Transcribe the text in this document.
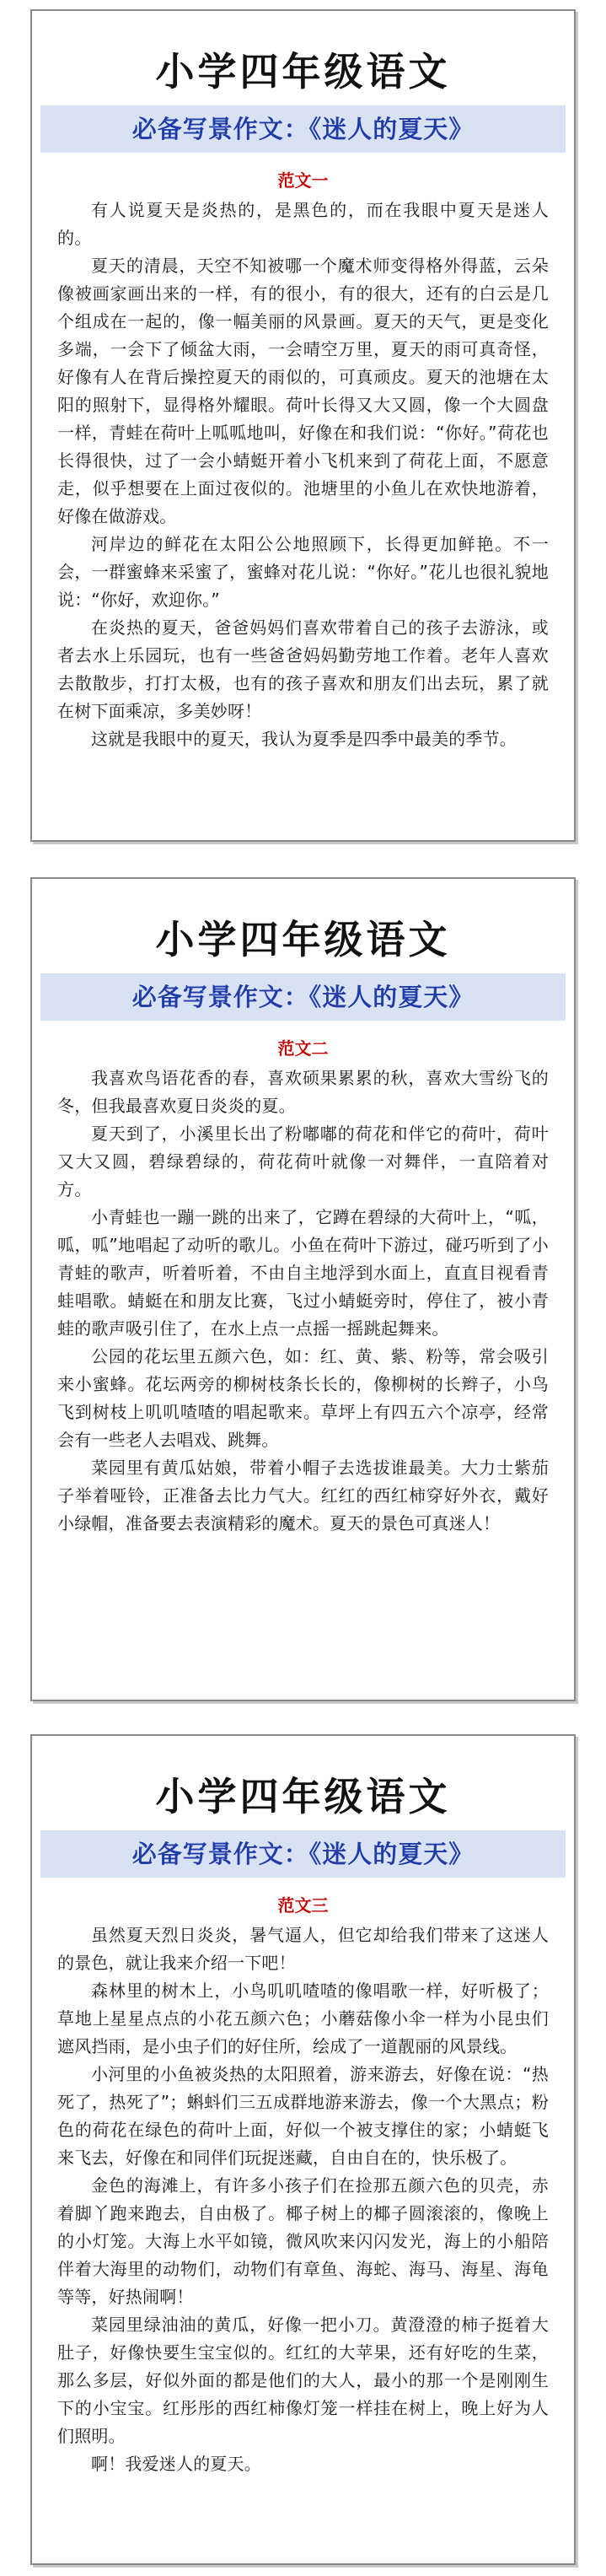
小学四年级语文
必备写景作文：《迷人的夏天》
范文一

有人说夏天是炎热的，是黑色的，而在我眼中夏天是迷人的。

夏天的清晨，天空不知被哪一个魔术师变得格外得蓝，云朵像被画家画出来的一样，有的很小，有的很大，还有的白云是几个组成在一起的，像一幅美丽的风景画。夏天的天气，更是变化多端，一会下了倾盆大雨，一会晴空万里，夏天的雨可真奇怪，好像有人在背后操控夏天的雨似的，可真顽皮。夏天的池塘在太阳的照射下，显得格外耀眼。荷叶长得又大又圆，像一个大圆盘一样，青蛙在荷叶上呱呱地叫，好像在和我们说：“你好。”荷花也长得很快，过了一会小蜻蜓开着小飞机来到了荷花上面，不愿意走，似乎想要在上面过夜似的。池塘里的小鱼儿在欢快地游着，好像在做游戏。

河岸边的鲜花在太阳公公地照顾下，长得更加鲜艳。不一会，一群蜜蜂来采蜜了，蜜蜂对花儿说：“你好。”花儿也很礼貌地说：“你好，欢迎你。”

在炎热的夏天，爸爸妈妈们喜欢带着自己的孩子去游泳，或者去水上乐园玩，也有一些爸爸妈妈勤劳地工作着。老年人喜欢去散散步，打打太极，也有的孩子喜欢和朋友们出去玩，累了就在树下面乘凉，多美妙呀！

这就是我眼中的夏天，我认为夏季是四季中最美的季节。

小学四年级语文
必备写景作文：《迷人的夏天》
范文二

我喜欢鸟语花香的春，喜欢硕果累累的秋，喜欢大雪纷飞的冬，但我最喜欢夏日炎炎的夏。

夏天到了，小溪里长出了粉嘟嘟的荷花和伴它的荷叶，荷叶又大又圆，碧绿碧绿的，荷花荷叶就像一对舞伴，一直陪着对方。

小青蛙也一蹦一跳的出来了，它蹲在碧绿的大荷叶上，“呱，呱，呱”地唱起了动听的歌儿。小鱼在荷叶下游过，碰巧听到了小青蛙的歌声，听着听着，不由自主地浮到水面上，直直目视看青蛙唱歌。蜻蜓在和朋友比赛，飞过小蜻蜓旁时，停住了，被小青蛙的歌声吸引住了，在水上点一点摇一摇跳起舞来。

公园的花坛里五颜六色，如：红、黄、紫、粉等，常会吸引来小蜜蜂。花坛两旁的柳树枝条长长的，像柳树的长辫子，小鸟飞到树枝上叽叽喳喳的唱起歌来。草坪上有四五六个凉亭，经常会有一些老人去唱戏、跳舞。

菜园里有黄瓜姑娘，带着小帽子去选拔谁最美。大力士紫茄子举着哑铃，正准备去比力气大。红红的西红柿穿好外衣，戴好小绿帽，准备要去表演精彩的魔术。夏天的景色可真迷人！

小学四年级语文
必备写景作文：《迷人的夏天》
范文三

虽然夏天烈日炎炎，暑气逼人，但它却给我们带来了这迷人的景色，就让我来介绍一下吧！

森林里的树木上，小鸟叽叽喳喳的像唱歌一样，好听极了；草地上星星点点的小花五颜六色；小蘑菇像小伞一样为小昆虫们遮风挡雨，是小虫子们的好住所，绘成了一道靓丽的风景线。

小河里的小鱼被炎热的太阳照着，游来游去，好像在说：“热死了，热死了”；蝌蚪们三五成群地游来游去，像一个大黑点；粉色的荷花在绿色的荷叶上面，好似一个被支撑住的家；小蜻蜓飞来飞去，好像在和同伴们玩捉迷藏，自由自在的，快乐极了。

金色的海滩上，有许多小孩子们在捡那五颜六色的贝壳，赤着脚丫跑来跑去，自由极了。椰子树上的椰子圆滚滚的，像晚上的小灯笼。大海上水平如镜，微风吹来闪闪发光，海上的小船陪伴着大海里的动物们，动物们有章鱼、海蛇、海马、海星、海龟等等，好热闹啊！

菜园里绿油油的黄瓜，好像一把小刀。黄澄澄的柿子挺着大肚子，好像快要生宝宝似的。红红的大苹果，还有好吃的生菜，那么多层，好似外面的都是他们的大人，最小的那一个是刚刚生下的小宝宝。红彤彤的西红柿像灯笼一样挂在树上，晚上好为人们照明。

啊！我爱迷人的夏天。
